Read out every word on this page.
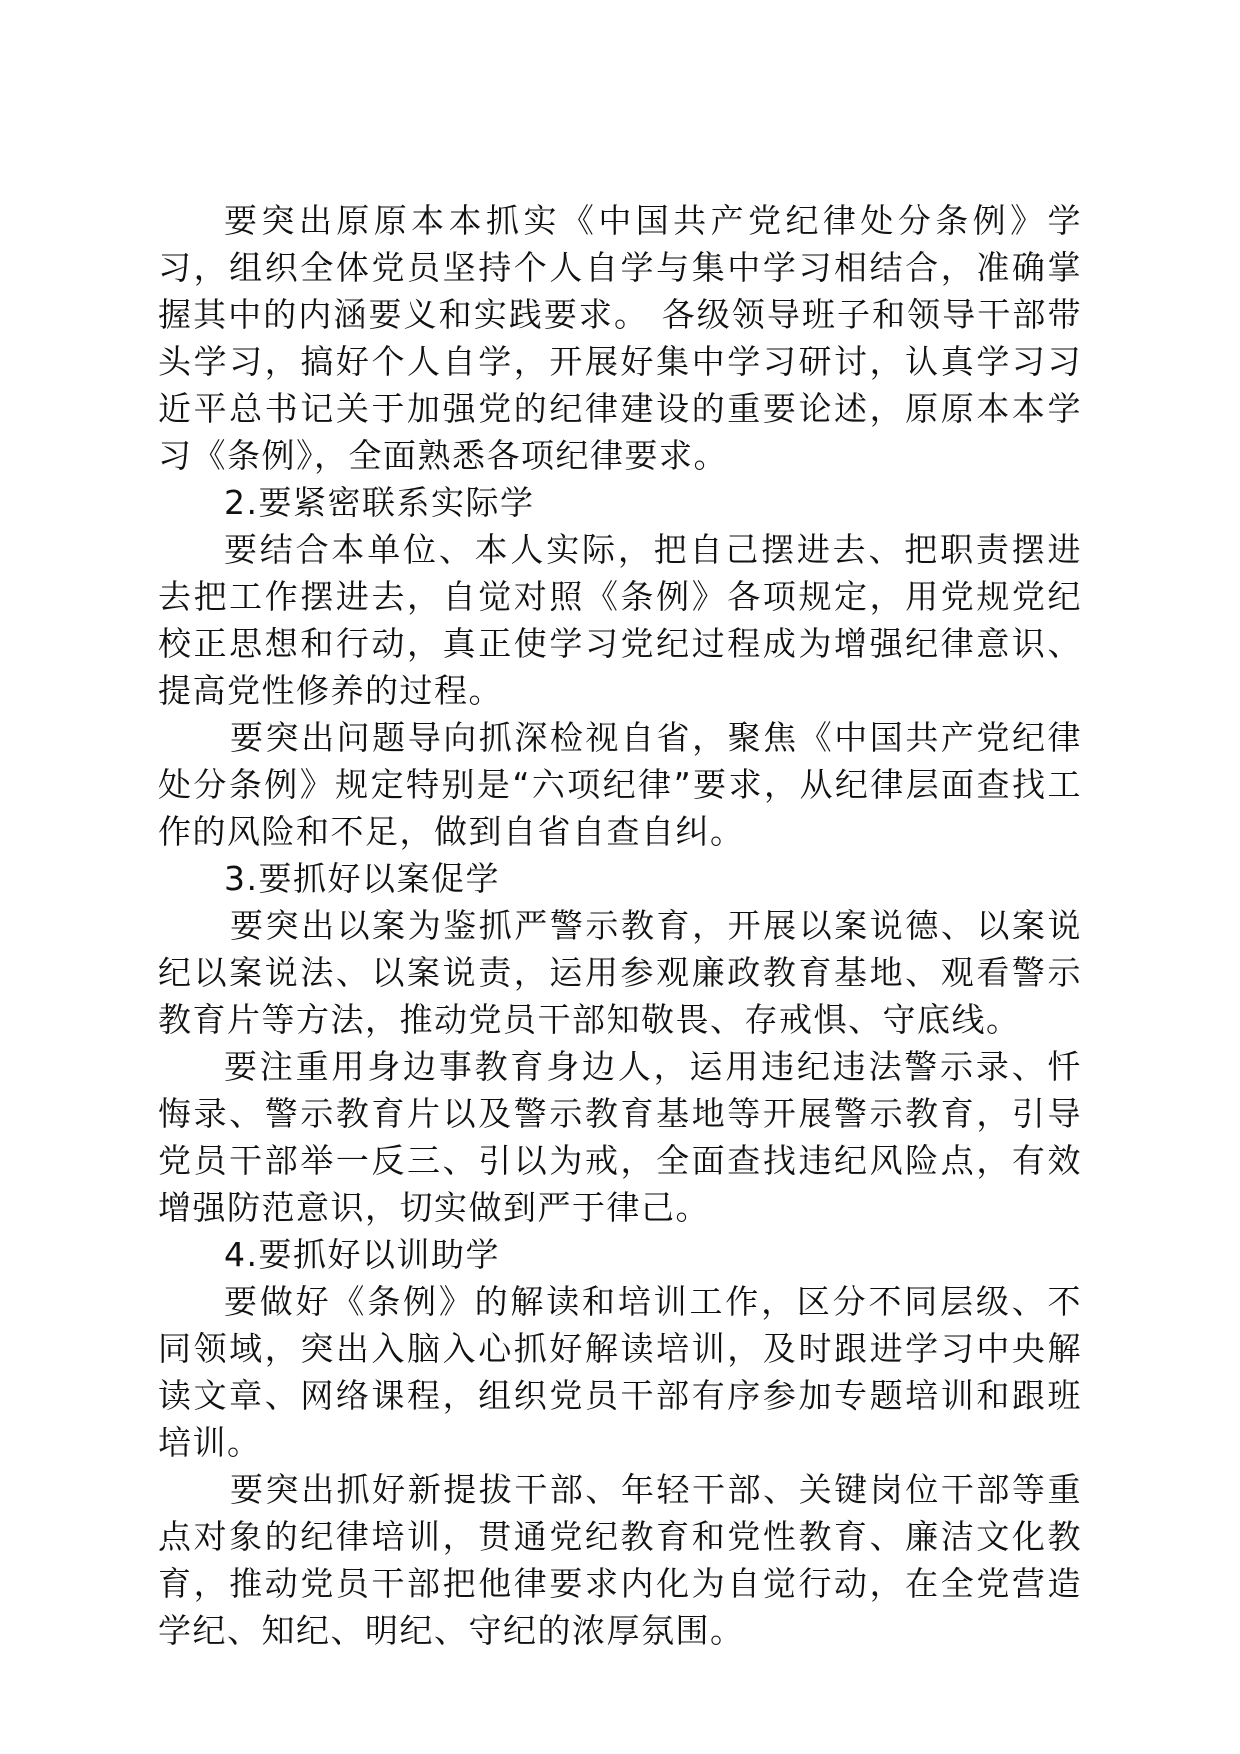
要突出原原本本抓实《中国共产党纪律处分条例》学习，组织全体党员坚持个人自学与集中学习相结合，准确掌握其中的内涵要义和实践要求。 各级领导班子和领导干部带头学习，搞好个人自学，开展好集中学习研讨，认真学习习近平总书记关于加强党的纪律建设的重要论述，原原本本学习《条例》，全面熟悉各项纪律要求。

2.要紧密联系实际学

要结合本单位、本人实际，把自己摆进去、把职责摆进去把工作摆进去，自觉对照《条例》各项规定，用党规党纪校正思想和行动，真正使学习党纪过程成为增强纪律意识、提高党性修养的过程。

要突出问题导向抓深检视自省，聚焦《中国共产党纪律处分条例》规定特别是“六项纪律”要求，从纪律层面查找工作的风险和不足，做到自省自查自纠。

3.要抓好以案促学

要突出以案为鉴抓严警示教育，开展以案说德、以案说纪以案说法、以案说责，运用参观廉政教育基地、观看警示教育片等方法，推动党员干部知敬畏、存戒惧、守底线。

要注重用身边事教育身边人，运用违纪违法警示录、忏悔录、警示教育片以及警示教育基地等开展警示教育，引导党员干部举一反三、引以为戒，全面查找违纪风险点，有效增强防范意识，切实做到严于律己。

4.要抓好以训助学

要做好《条例》的解读和培训工作，区分不同层级、不同领域，突出入脑入心抓好解读培训，及时跟进学习中央解读文章、网络课程，组织党员干部有序参加专题培训和跟班培训。

要突出抓好新提拔干部、年轻干部、关键岗位干部等重点对象的纪律培训，贯通党纪教育和党性教育、廉洁文化教育，推动党员干部把他律要求内化为自觉行动，在全党营造学纪、知纪、明纪、守纪的浓厚氛围。
